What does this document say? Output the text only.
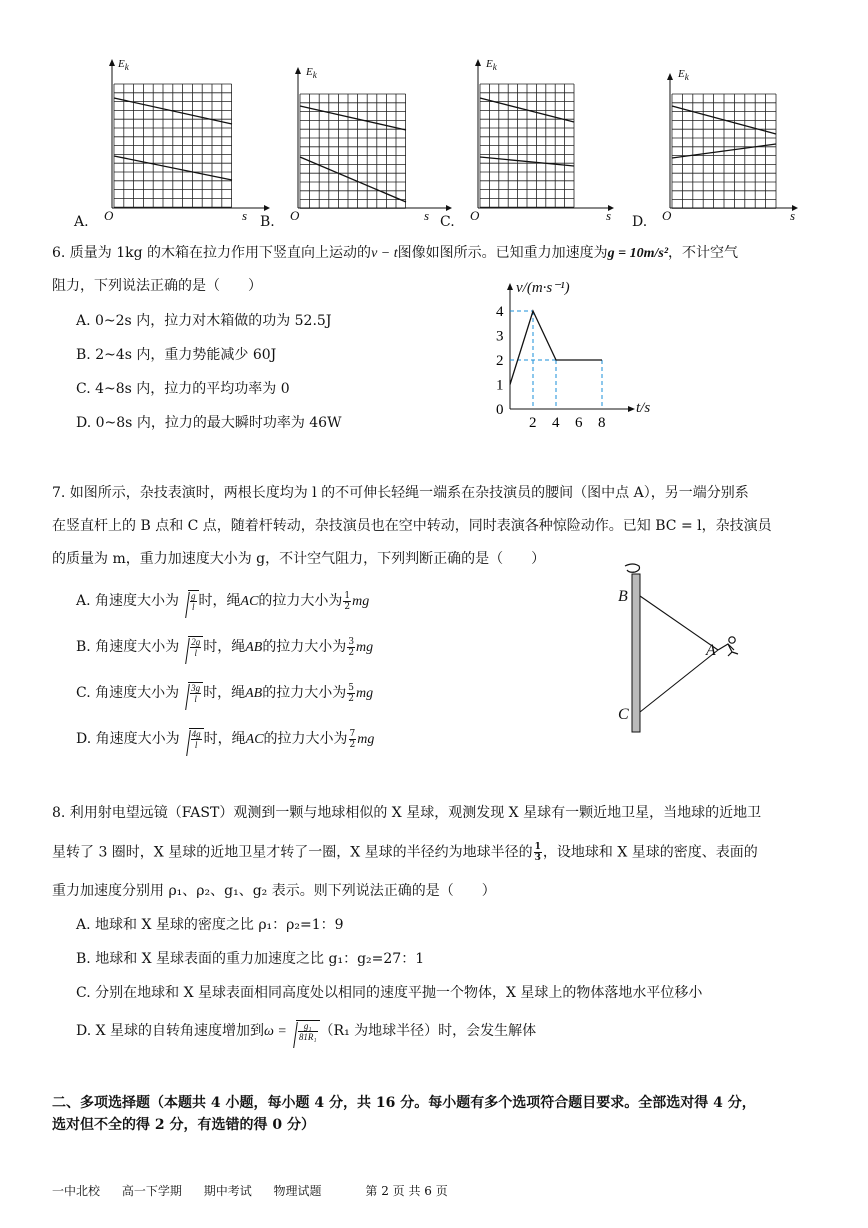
$E_k$
A. O	s
$E_k$
B. O	s
$E_k$
C. O	s
$E_k$
D. O	s
6. 质量为 1kg 的木箱在拉力作用下竖直向上运动的v − t图像如图所示。已知重力加速度为g = 10m/s²，不计空气
阻力，下列说法正确的是（　　）
A. 0~2s 内，拉力对木箱做的功为 52.5J
B. 2~4s 内，重力势能减少 60J
C. 4~8s 内，拉力的平均功率为 0
D. 0~8s 内，拉力的最大瞬时功率为 46W
0
1
2
3
4
2 4 6 8
v/(m·s⁻¹)
t/s
7. 如图所示，杂技表演时，两根长度均为 l 的不可伸长轻绳一端系在杂技演员的腰间（图中点 A），另一端分别系
在竖直杆上的 B 点和 C 点，随着杆转动，杂技演员也在空中转动，同时表演各种惊险动作。已知 BC = l，杂技演员
的质量为 m，重力加速度大小为 g，不计空气阻力，下列判断正确的是（　　）
A. 角速度大小为 $\frac{g}{l}$ 时，绳AC的拉力大小为 $\frac{1}{2}$ mg
B. 角速度大小为 $\frac{2g}{l}$ 时，绳AB的拉力大小为 $\frac{3}{2}$ mg
C. 角速度大小为 $\frac{3g}{l}$ 时，绳AB的拉力大小为 $\frac{5}{2}$ mg
D. 角速度大小为 $\frac{4g}{l}$ 时，绳AC的拉力大小为 $\frac{7}{2}$ mg
B
C
A
8. 利用射电望远镜（FAST）观测到一颗与地球相似的 X 星球，观测发现 X 星球有一颗近地卫星，当地球的近地卫
星转了 3 圈时，X 星球的近地卫星才转了一圈，X 星球的半径约为地球半径的 $\frac{1}{3}$ ，设地球和 X 星球的密度、表面的
重力加速度分别用 ρ₁、ρ₂、g₁、g₂ 表示。则下列说法正确的是（　　）
A. 地球和 X 星球的密度之比 ρ₁：ρ₂=1：9
B. 地球和 X 星球表面的重力加速度之比 g₁：g₂=27：1
C. 分别在地球和 X 星球表面相同高度处以相同的速度平抛一个物体，X 星球上的物体落地水平位移小
D. X 星球的自转角速度增加到$\omega = \frac{\text{g₁}}{\text{81R₁}} (R_1$ 为地球半径）时，会发生解体
二、多项选择题（本题共 4 小题，每小题 4 分，共 16 分。每小题有多个选项符合题目要求。全部选对得 4 分，
选对但不全的得 2 分，有选错的得 0 分）
一中北校 高一下学期 期中考试 物理试题	第 2 页 共 6 页
